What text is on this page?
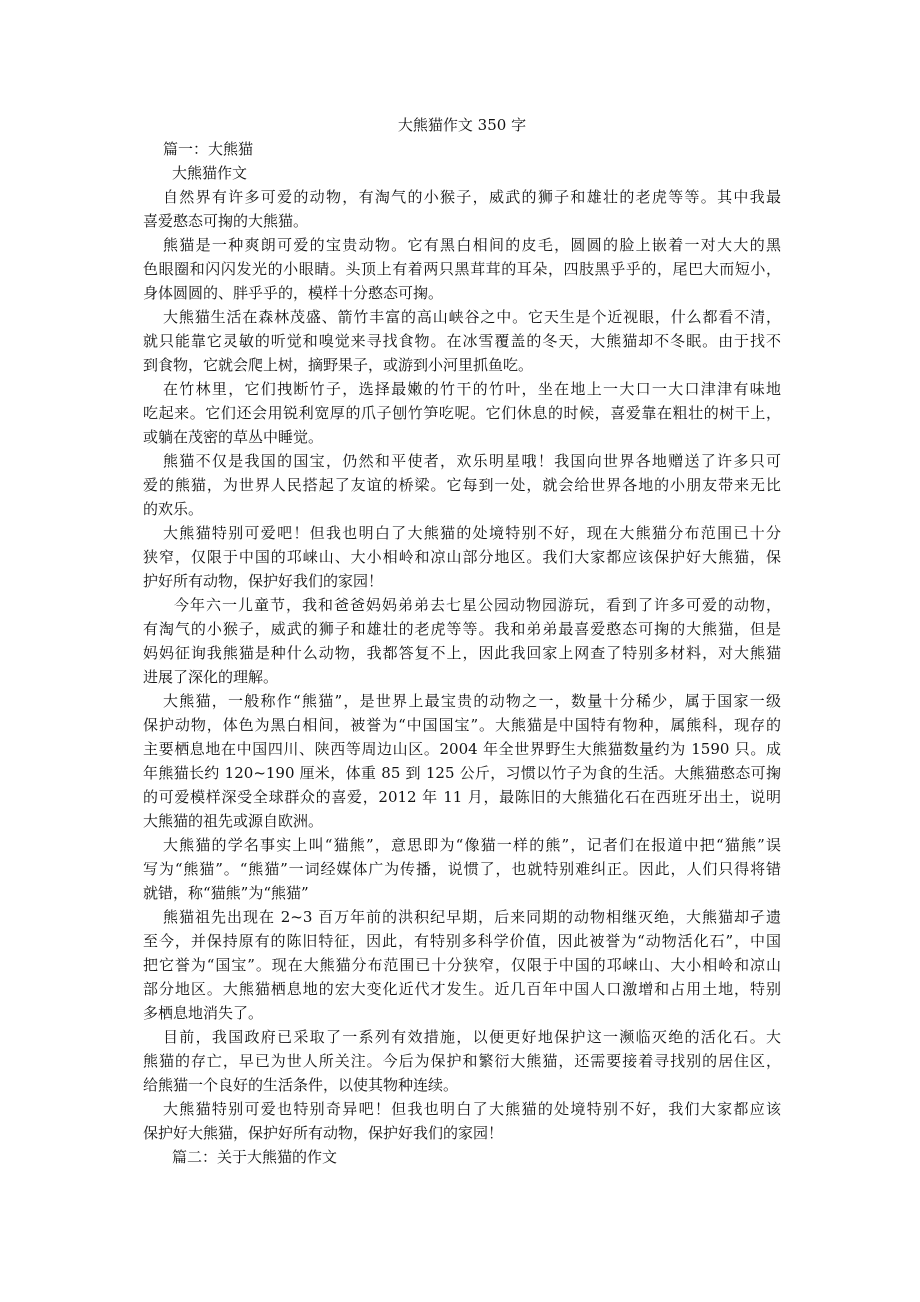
大熊猫作文 350 字
篇一：大熊猫
大熊猫作文
自然界有许多可爱的动物，有淘气的小猴子，威武的狮子和雄壮的老虎等等。其中我最
喜爱憨态可掬的大熊猫。
熊猫是一种爽朗可爱的宝贵动物。它有黑白相间的皮毛，圆圆的脸上嵌着一对大大的黑
色眼圈和闪闪发光的小眼睛。头顶上有着两只黑茸茸的耳朵，四肢黑乎乎的，尾巴大而短小，
身体圆圆的、胖乎乎的，模样十分憨态可掬。
大熊猫生活在森林茂盛、箭竹丰富的高山峡谷之中。它天生是个近视眼，什么都看不清，
就只能靠它灵敏的听觉和嗅觉来寻找食物。在冰雪覆盖的冬天，大熊猫却不冬眠。由于找不
到食物，它就会爬上树，摘野果子，或游到小河里抓鱼吃。
在竹林里，它们拽断竹子，选择最嫩的竹干的竹叶，坐在地上一大口一大口津津有味地
吃起来。它们还会用锐利宽厚的爪子刨竹笋吃呢。它们休息的时候，喜爱靠在粗壮的树干上，
或躺在茂密的草丛中睡觉。
熊猫不仅是我国的国宝，仍然和平使者，欢乐明星哦！我国向世界各地赠送了许多只可
爱的熊猫，为世界人民搭起了友谊的桥梁。它每到一处，就会给世界各地的小朋友带来无比
的欢乐。
大熊猫特别可爱吧！但我也明白了大熊猫的处境特别不好，现在大熊猫分布范围已十分
狭窄，仅限于中国的邛崃山、大小相岭和凉山部分地区。我们大家都应该保护好大熊猫，保
护好所有动物，保护好我们的家园！
今年六一儿童节，我和爸爸妈妈弟弟去七星公园动物园游玩，看到了许多可爱的动物，
有淘气的小猴子，威武的狮子和雄壮的老虎等等。我和弟弟最喜爱憨态可掬的大熊猫，但是
妈妈征询我熊猫是种什么动物，我都答复不上，因此我回家上网查了特别多材料，对大熊猫
进展了深化的理解。
大熊猫，一般称作“熊猫”，是世界上最宝贵的动物之一，数量十分稀少，属于国家一级
保护动物，体色为黑白相间，被誉为“中国国宝”。大熊猫是中国特有物种，属熊科，现存的
主要栖息地在中国四川、陕西等周边山区。2004 年全世界野生大熊猫数量约为 1590 只。成
年熊猫长约 120~190 厘米，体重 85 到 125 公斤，习惯以竹子为食的生活。大熊猫憨态可掬
的可爱模样深受全球群众的喜爱，2012 年 11 月，最陈旧的大熊猫化石在西班牙出土，说明
大熊猫的祖先或源自欧洲。
大熊猫的学名事实上叫“猫熊”，意思即为“像猫一样的熊”，记者们在报道中把“猫熊”误
写为“熊猫”。“熊猫”一词经媒体广为传播，说惯了，也就特别难纠正。因此，人们只得将错
就错，称“猫熊”为“熊猫”
熊猫祖先出现在 2~3 百万年前的洪积纪早期，后来同期的动物相继灭绝，大熊猫却孑遗
至今，并保持原有的陈旧特征，因此，有特别多科学价值，因此被誉为“动物活化石”，中国
把它誉为“国宝”。现在大熊猫分布范围已十分狭窄，仅限于中国的邛崃山、大小相岭和凉山
部分地区。大熊猫栖息地的宏大变化近代才发生。近几百年中国人口激增和占用土地，特别
多栖息地消失了。
目前，我国政府已采取了一系列有效措施，以便更好地保护这一濒临灭绝的活化石。大
熊猫的存亡，早已为世人所关注。今后为保护和繁衍大熊猫，还需要接着寻找别的居住区，
给熊猫一个良好的生活条件，以使其物种连续。
大熊猫特别可爱也特别奇异吧！但我也明白了大熊猫的处境特别不好，我们大家都应该
保护好大熊猫，保护好所有动物，保护好我们的家园！
篇二：关于大熊猫的作文
